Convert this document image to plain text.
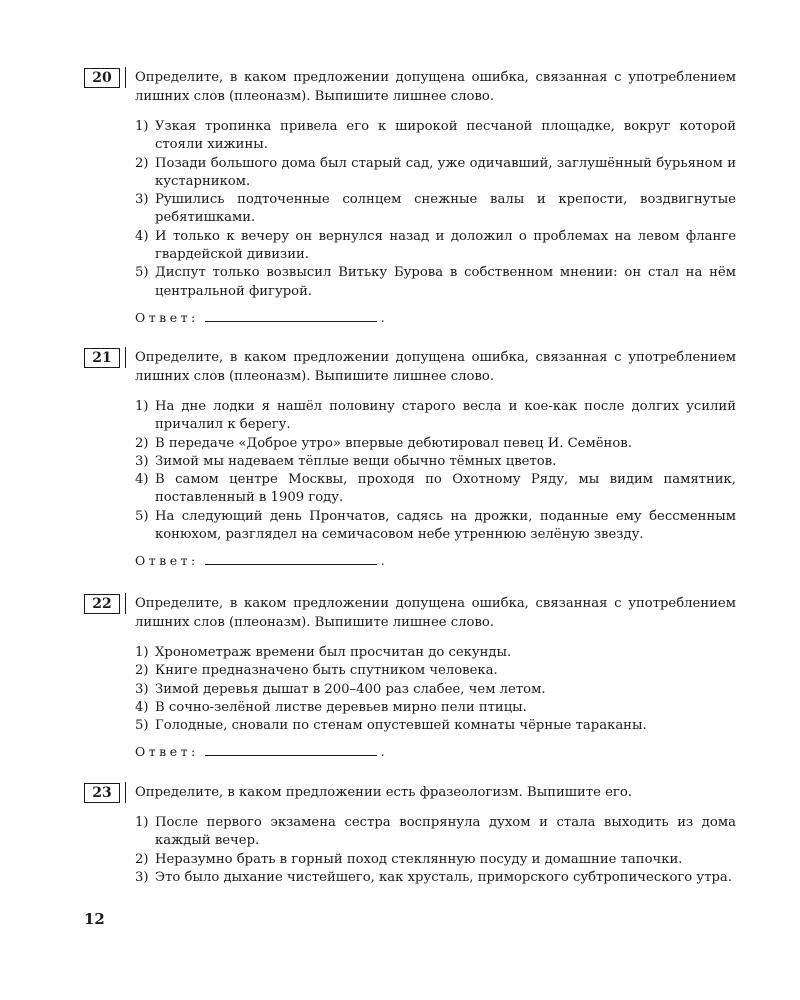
20	Определите, в каком предложении допущена ошибка, связанная с употреблением лишних слов (плеоназм). Выпишите лишнее слово.
1) Узкая тропинка привела его к широкой песчаной площадке, вокруг которой стояли хижины.
2) Позади большого дома был старый сад, уже одичавший, заглушённый бурьяном и кустарником.
3) Рушились подточенные солнцем снежные валы и крепости, воздвигнутые ребятишками.
4) И только к вечеру он вернулся назад и доложил о проблемах на левом фланге гвардейской дивизии.
5) Диспут только возвысил Витьку Бурова в собственном мнении: он стал на нём центральной фигурой.
Ответ:	.
21	Определите, в каком предложении допущена ошибка, связанная с употреблением лишних слов (плеоназм). Выпишите лишнее слово.
1) На дне лодки я нашёл половину старого весла и кое-как после долгих усилий причалил к берегу.
2) В передаче «Доброе утро» впервые дебютировал певец И. Семёнов.
3) Зимой мы надеваем тёплые вещи обычно тёмных цветов.
4) В самом центре Москвы, проходя по Охотному Ряду, мы видим памятник, поставленный в 1909 году.
5) На следующий день Прончатов, садясь на дрожки, поданные ему бессменным конюхом, разглядел на семичасовом небе утреннюю зелёную звезду.
Ответ:	.
22	Определите, в каком предложении допущена ошибка, связанная с употреблением лишних слов (плеоназм). Выпишите лишнее слово.
1) Хронометраж времени был просчитан до секунды.
2) Книге предназначено быть спутником человека.
3) Зимой деревья дышат в 200–400 раз слабее, чем летом.
4) В сочно-зелёной листве деревьев мирно пели птицы.
5) Голодные, сновали по стенам опустевшей комнаты чёрные тараканы.
Ответ:	.
23	Определите, в каком предложении есть фразеологизм. Выпишите его.
1) После первого экзамена сестра воспрянула духом и стала выходить из дома каждый вечер.
2) Неразумно брать в горный поход стеклянную посуду и домашние тапочки.
3) Это было дыхание чистейшего, как хрусталь, приморского субтропического утра.
12
